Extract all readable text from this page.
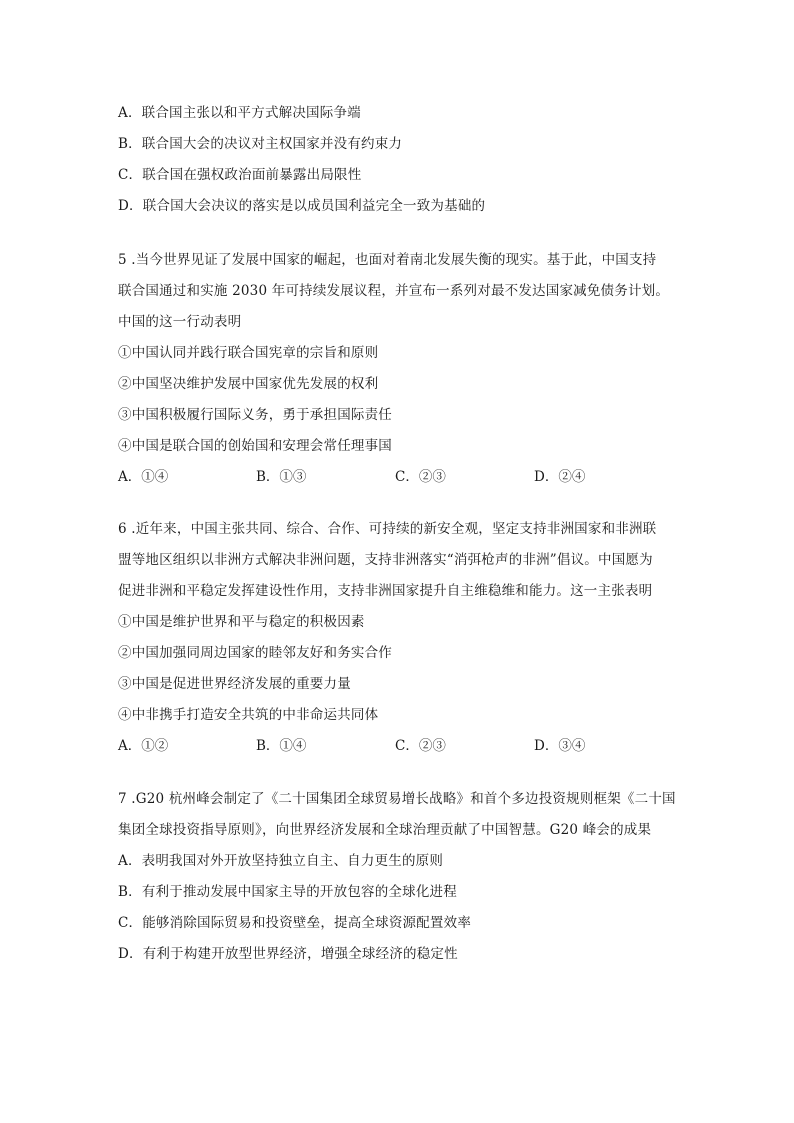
A．联合国主张以和平方式解决国际争端
B．联合国大会的决议对主权国家并没有约束力
C．联合国在强权政治面前暴露出局限性
D．联合国大会决议的落实是以成员国利益完全一致为基础的
5 .当今世界见证了发展中国家的崛起，也面对着南北发展失衡的现实。基于此，中国支持
联合国通过和实施 2030 年可持续发展议程，并宣布一系列对最不发达国家减免债务计划。
中国的这一行动表明
①中国认同并践行联合国宪章的宗旨和原则
②中国坚决维护发展中国家优先发展的权利
③中国积极履行国际义务，勇于承担国际责任
④中国是联合国的创始国和安理会常任理事国
A．①④	B．①③	C．②③	D．②④
6 .近年来，中国主张共同、综合、合作、可持续的新安全观，坚定支持非洲国家和非洲联
盟等地区组织以非洲方式解决非洲问题，支持非洲落实“消弭枪声的非洲”倡议。中国愿为
促进非洲和平稳定发挥建设性作用，支持非洲国家提升自主维稳维和能力。这一主张表明
①中国是维护世界和平与稳定的积极因素
②中国加强同周边国家的睦邻友好和务实合作
③中国是促进世界经济发展的重要力量
④中非携手打造安全共筑的中非命运共同体
A．①②	B．①④	C．②③	D．③④
7 .G20 杭州峰会制定了《二十国集团全球贸易增长战略》和首个多边投资规则框架《二十国
集团全球投资指导原则》，向世界经济发展和全球治理贡献了中国智慧。G20 峰会的成果
A．表明我国对外开放坚持独立自主、自力更生的原则
B．有利于推动发展中国家主导的开放包容的全球化进程
C．能够消除国际贸易和投资壁垒，提高全球资源配置效率
D．有利于构建开放型世界经济，增强全球经济的稳定性
